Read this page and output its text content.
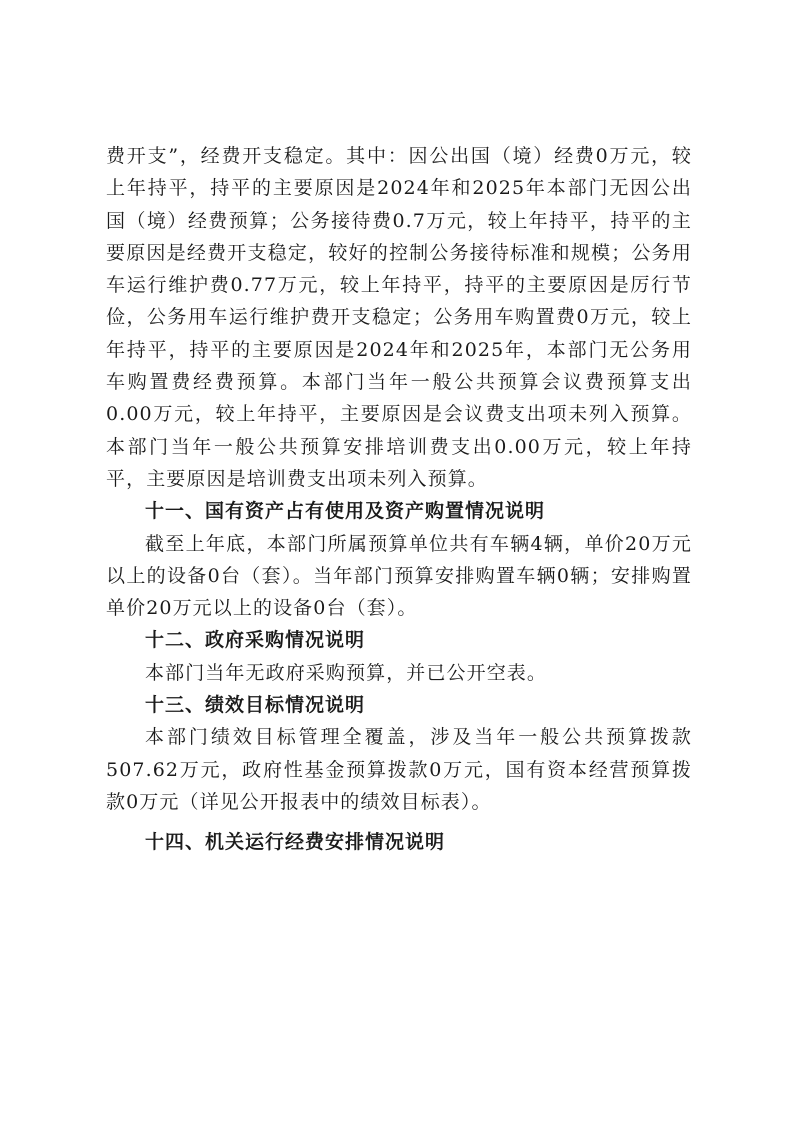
费开支”，经费开支稳定。其中：因公出国（境）经费0万元，较上年持平，持平的主要原因是2024年和2025年本部门无因公出国（境）经费预算；公务接待费0.7万元，较上年持平，持平的主要原因是经费开支稳定，较好的控制公务接待标准和规模；公务用车运行维护费0.77万元，较上年持平，持平的主要原因是厉行节俭，公务用车运行维护费开支稳定；公务用车购置费0万元，较上年持平，持平的主要原因是2024年和2025年，本部门无公务用车购置费经费预算。本部门当年一般公共预算会议费预算支出0.00万元，较上年持平，主要原因是会议费支出项未列入预算。本部门当年一般公共预算安排培训费支出0.00万元，较上年持平，主要原因是培训费支出项未列入预算。

十一、国有资产占有使用及资产购置情况说明

截至上年底，本部门所属预算单位共有车辆4辆，单价20万元以上的设备0台（套）。当年部门预算安排购置车辆0辆；安排购置单价20万元以上的设备0台（套）。

十二、政府采购情况说明

本部门当年无政府采购预算，并已公开空表。

十三、绩效目标情况说明

本部门绩效目标管理全覆盖，涉及当年一般公共预算拨款507.62万元，政府性基金预算拨款0万元，国有资本经营预算拨款0万元（详见公开报表中的绩效目标表）。

十四、机关运行经费安排情况说明
